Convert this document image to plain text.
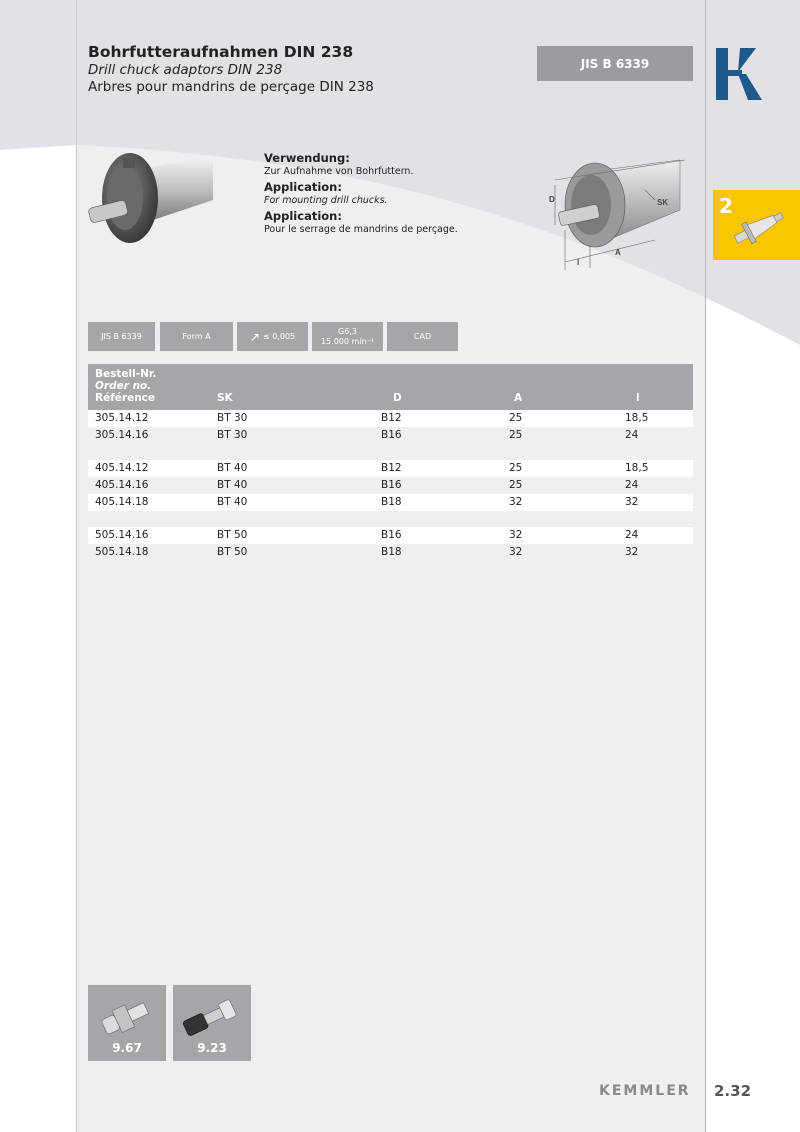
Bohrfutteraufnahmen DIN 238
Drill chuck adaptors DIN 238
Arbres pour mandrins de perçage DIN 238
JIS B 6339
2
Verwendung:
Zur Aufnahme von Bohrfuttern.
Application:
For mounting drill chucks.
Application:
Pour le serrage de mandrins de perçage.
D	SK
A
l
JIS B 6339	Form A	↗ ≤ 0,005
G6,3
15.000 min⁻¹
CAD
Bestell-Nr.
Order no.
Référence	SK	D	A	l
305.14.12	BT 30	B12	25	18,5
305.14.16	BT 30	B16	25	24
405.14.12	BT 40	B12	25	18,5
405.14.16	BT 40	B16	25	24
405.14.18	BT 40	B18	32	32
505.14.16	BT 50	B16	32	24
505.14.18	BT 50	B18	32	32
9.67	9.23
KEMMLER 2.32
